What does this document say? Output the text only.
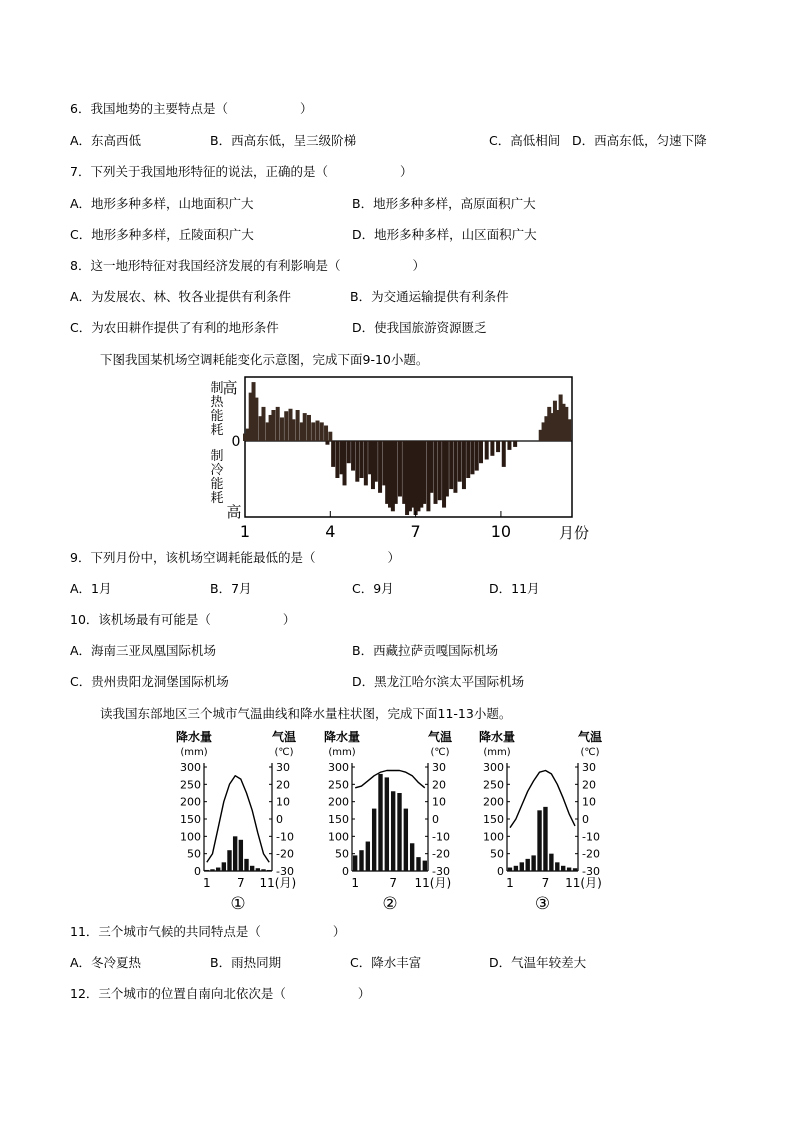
6．我国地势的主要特点是（	）
A．东高西低	B．西高东低，呈三级阶梯	C．高低相间 D．西高东低，匀速下降
7．下列关于我国地形特征的说法，正确的是（	）
A．地形多种多样，山地面积广大	B．地形多种多样，高原面积广大
C．地形多种多样，丘陵面积广大	D．地形多种多样，山区面积广大
8．这一地形特征对我国经济发展的有利影响是（	）
A．为发展农、林、牧各业提供有利条件	B．为交通运输提供有利条件
C．为农田耕作提供了有利的地形条件	D．使我国旅游资源匮乏
下图我国某机场空调耗能变化示意图，完成下面9-10小题。
高
0
高
制
热
能
耗
制
冷
能
耗
1	4	7	10	月份
9．下列月份中，该机场空调耗能最低的是（	）
A．1月	B．7月	C．9月	D．11月
10．该机场最有可能是（	）
A．海南三亚凤凰国际机场	B．西藏拉萨贡嘎国际机场
C．贵州贵阳龙洞堡国际机场	D．黑龙江哈尔滨太平国际机场
读我国东部地区三个城市气温曲线和降水量柱状图，完成下面11-13小题。
降水量
(mm)
气温
(℃)
0
50
100
150
200
250
300
-30
-20
-10
0
10
20
30
1 7 11(月)
①
降水量
(mm)
气温
(℃)
0
50
100
150
200
250
300
-30
-20
-10
0
10
20
30
1	7 11(月)
②
降水量
(mm)
气温
(℃)
0
50
100
150
200
250
300
-30
-20
-10
0
10
20
30
1 7 11(月)
③
11．三个城市气候的共同特点是（	）
A．冬冷夏热	B．雨热同期	C．降水丰富	D．气温年较差大
12．三个城市的位置自南向北依次是（	）
